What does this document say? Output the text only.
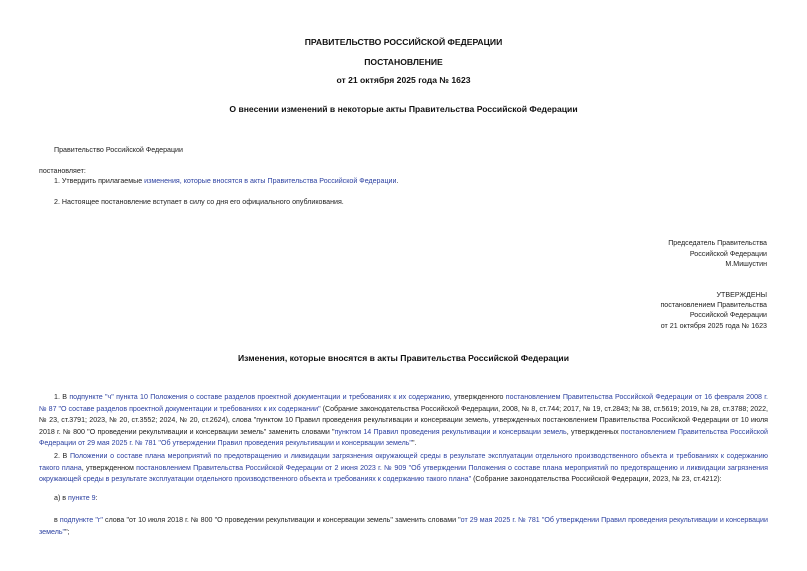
ПРАВИТЕЛЬСТВО РОССИЙСКОЙ ФЕДЕРАЦИИ
ПОСТАНОВЛЕНИЕ
от 21 октября 2025 года № 1623
О внесении изменений в некоторые акты Правительства Российской Федерации
Правительство Российской Федерации
постановляет:
1. Утвердить прилагаемые изменения, которые вносятся в акты Правительства Российской Федерации.
2. Настоящее постановление вступает в силу со дня его официального опубликования.
Председатель Правительства
Российской Федерации
М.Мишустин
УТВЕРЖДЕНЫ
постановлением Правительства
Российской Федерации
от 21 октября 2025 года № 1623
Изменения, которые вносятся в акты Правительства Российской Федерации
1. В подпункте "ч" пункта 10 Положения о составе разделов проектной документации и требованиях к их содержанию, утвержденного постановлением Правительства Российской Федерации от 16 февраля 2008 г. № 87 "О составе разделов проектной документации и требованиях к их содержании" (Собрание законодательства Российской Федерации, 2008, № 8, ст.744; 2017, № 19, ст.2843; № 38, ст.5619; 2019, № 28, ст.3788; 2022, № 23, ст.3791; 2023, № 20, ст.3552; 2024, № 20, ст.2624), слова "пунктом 10 Правил проведения рекультивации и консервации земель, утвержденных постановлением Правительства Российской Федерации от 10 июля 2018 г. № 800 "О проведении рекультивации и консервации земель" заменить словами "пунктом 14 Правил проведения рекультивации и консервации земель, утвержденных постановлением Правительства Российской Федерации от 29 мая 2025 г. № 781 "Об утверждении Правил проведения рекультивации и консервации земель"".
2. В Положении о составе плана мероприятий по предотвращению и ликвидации загрязнения окружающей среды в результате эксплуатации отдельного производственного объекта и требованиях к содержанию такого плана, утвержденном постановлением Правительства Российской Федерации от 2 июня 2023 г. № 909 "Об утверждении Положения о составе плана мероприятий по предотвращению и ликвидации загрязнения окружающей среды в результате эксплуатации отдельного производственного объекта и требованиях к содержанию такого плана" (Собрание законодательства Российской Федерации, 2023, № 23, ст.4212):
а) в пункте 9:
в подпункте "г" слова "от 10 июля 2018 г. № 800 "О проведении рекультивации и консервации земель" заменить словами "от 29 мая 2025 г. № 781 "Об утверждении Правил проведения рекультивации и консервации земель"";
